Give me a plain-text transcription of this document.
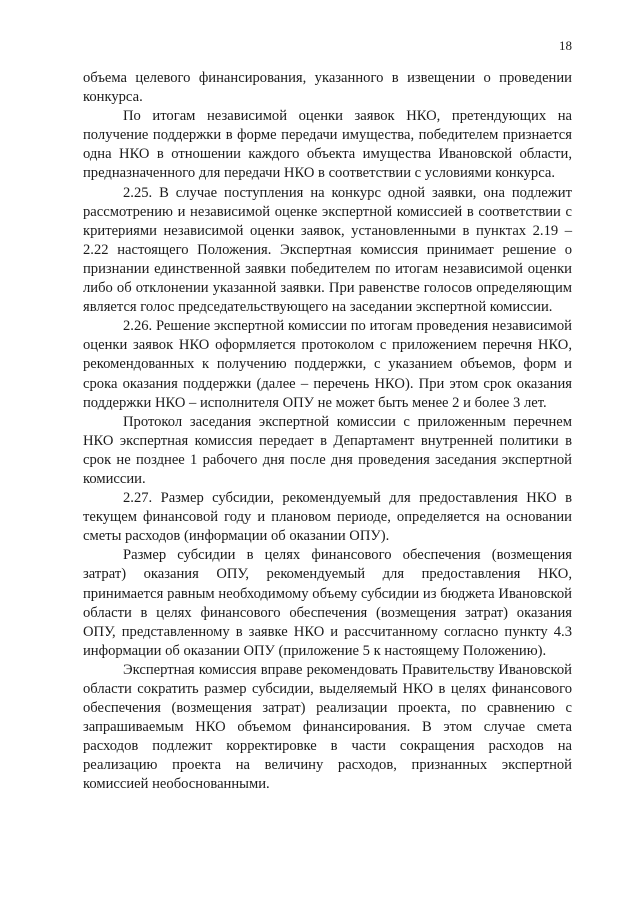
18

объема целевого финансирования, указанного в извещении о проведении конкурса.

По итогам независимой оценки заявок НКО, претендующих на получение поддержки в форме передачи имущества, победителем признается одна НКО в отношении каждого объекта имущества Ивановской области, предназначенного для передачи НКО в соответствии с условиями конкурса.

2.25. В случае поступления на конкурс одной заявки, она подлежит рассмотрению и независимой оценке экспертной комиссией в соответствии с критериями независимой оценки заявок, установленными в пунктах 2.19 – 2.22 настоящего Положения. Экспертная комиссия принимает решение о признании единственной заявки победителем по итогам независимой оценки либо об отклонении указанной заявки. При равенстве голосов определяющим является голос председательствующего на заседании экспертной комиссии.

2.26. Решение экспертной комиссии по итогам проведения независимой оценки заявок НКО оформляется протоколом с приложением перечня НКО, рекомендованных к получению поддержки, с указанием объемов, форм и срока оказания поддержки (далее – перечень НКО). При этом срок оказания поддержки НКО – исполнителя ОПУ не может быть менее 2 и более 3 лет.

Протокол заседания экспертной комиссии с приложенным перечнем НКО экспертная комиссия передает в Департамент внутренней политики в срок не позднее 1 рабочего дня после дня проведения заседания экспертной комиссии.

2.27. Размер субсидии, рекомендуемый для предоставления НКО в текущем финансовой году и плановом периоде, определяется на основании сметы расходов (информации об оказании ОПУ).

Размер субсидии в целях финансового обеспечения (возмещения затрат) оказания ОПУ, рекомендуемый для предоставления НКО, принимается равным необходимому объему субсидии из бюджета Ивановской области в целях финансового обеспечения (возмещения затрат) оказания ОПУ, представленному в заявке НКО и рассчитанному согласно пункту 4.3 информации об оказании ОПУ (приложение 5 к настоящему Положению).

Экспертная комиссия вправе рекомендовать Правительству Ивановской области сократить размер субсидии, выделяемый НКО в целях финансового обеспечения (возмещения затрат) реализации проекта, по сравнению с запрашиваемым НКО объемом финансирования. В этом случае смета расходов подлежит корректировке в части сокращения расходов на реализацию проекта на величину расходов, признанных экспертной комиссией необоснованными.
